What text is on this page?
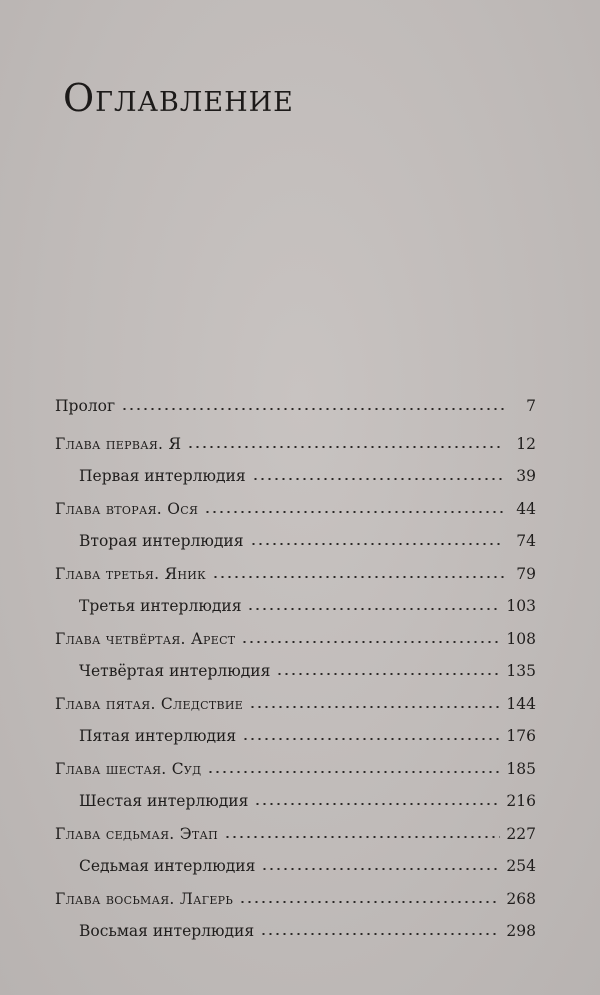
Оглавление
Пролог	7
Глава первая. Я	12
Первая интерлюдия	39
Глава вторая. Ося	44
Вторая интерлюдия	74
Глава третья. Яник	79
Третья интерлюдия	103
Глава четвёртая. Арест	108
Четвёртая интерлюдия	135
Глава пятая. Следствие	144
Пятая интерлюдия	176
Глава шестая. Суд	185
Шестая интерлюдия	216
Глава седьмая. Этап	227
Седьмая интерлюдия	254
Глава восьмая. Лагерь	268
Восьмая интерлюдия	298
